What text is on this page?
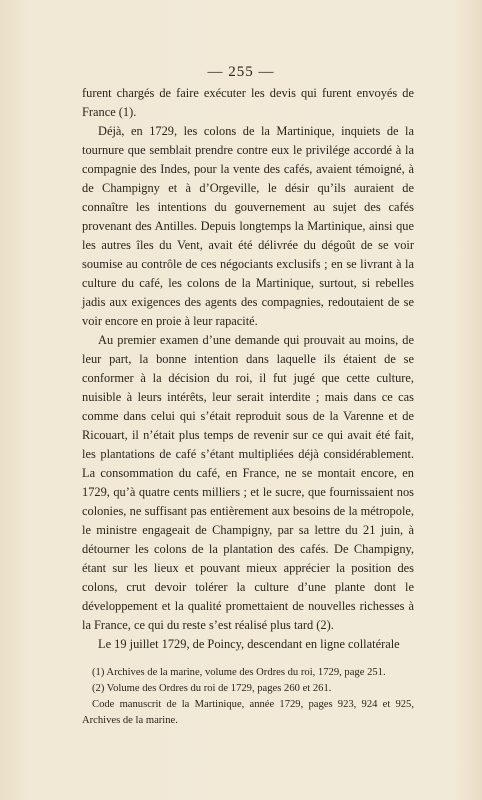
— 255 —

furent chargés de faire exécuter les devis qui furent envoyés de France (1).

Déjà, en 1729, les colons de la Martinique, inquiets de la tournure que semblait prendre contre eux le privilége accordé à la compagnie des Indes, pour la vente des cafés, avaient témoigné, à de Champigny et à d’Orgeville, le désir qu’ils auraient de connaître les intentions du gouvernement au sujet des cafés provenant des Antilles. Depuis longtemps la Martinique, ainsi que les autres îles du Vent, avait été délivrée du dégoût de se voir soumise au contrôle de ces négociants exclusifs ; en se livrant à la culture du café, les colons de la Martinique, surtout, si rebelles jadis aux exigences des agents des compagnies, redoutaient de se voir encore en proie à leur rapacité.

Au premier examen d’une demande qui prouvait au moins, de leur part, la bonne intention dans laquelle ils étaient de se conformer à la décision du roi, il fut jugé que cette culture, nuisible à leurs intérêts, leur serait interdite ; mais dans ce cas comme dans celui qui s’était reproduit sous de la Varenne et de Ricouart, il n’était plus temps de revenir sur ce qui avait été fait, les plantations de café s’étant multipliées déjà considérablement. La consommation du café, en France, ne se montait encore, en 1729, qu’à quatre cents milliers ; et le sucre, que fournissaient nos colonies, ne suffisant pas entièrement aux besoins de la métropole, le ministre engageait de Champigny, par sa lettre du 21 juin, à détourner les colons de la plantation des cafés. De Champigny, étant sur les lieux et pouvant mieux apprécier la position des colons, crut devoir tolérer la culture d’une plante dont le développement et la qualité promettaient de nouvelles richesses à la France, ce qui du reste s’est réalisé plus tard (2).

Le 19 juillet 1729, de Poincy, descendant en ligne collatérale

(1) Archives de la marine, volume des Ordres du roi, 1729, page 251.

(2) Volume des Ordres du roi de 1729, pages 260 et 261.

Code manuscrit de la Martinique, année 1729, pages 923, 924 et 925, Archives de la marine.
